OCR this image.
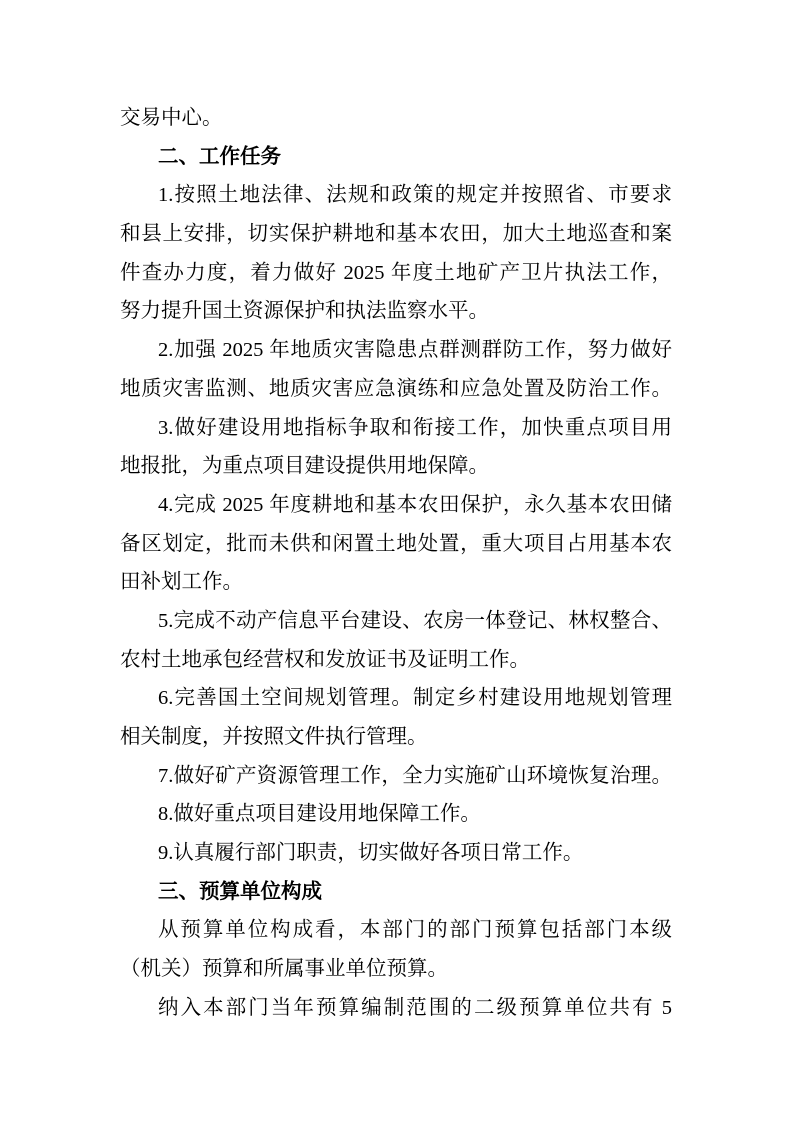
交易中心。
二、工作任务
1.按照土地法律、法规和政策的规定并按照省、市要求
和县上安排，切实保护耕地和基本农田，加大土地巡查和案
件查办力度，着力做好 2025 年度土地矿产卫片执法工作，
努力提升国土资源保护和执法监察水平。
2.加强 2025 年地质灾害隐患点群测群防工作，努力做好
地质灾害监测、地质灾害应急演练和应急处置及防治工作。
3.做好建设用地指标争取和衔接工作，加快重点项目用
地报批，为重点项目建设提供用地保障。
4.完成 2025 年度耕地和基本农田保护，永久基本农田储
备区划定，批而未供和闲置土地处置，重大项目占用基本农
田补划工作。
5.完成不动产信息平台建设、农房一体登记、林权整合、
农村土地承包经营权和发放证书及证明工作。
6.完善国土空间规划管理。制定乡村建设用地规划管理
相关制度，并按照文件执行管理。
7.做好矿产资源管理工作，全力实施矿山环境恢复治理。
8.做好重点项目建设用地保障工作。
9.认真履行部门职责，切实做好各项日常工作。
三、预算单位构成
从预算单位构成看，本部门的部门预算包括部门本级
（机关）预算和所属事业单位预算。
纳入本部门当年预算编制范围的二级预算单位共有 5
